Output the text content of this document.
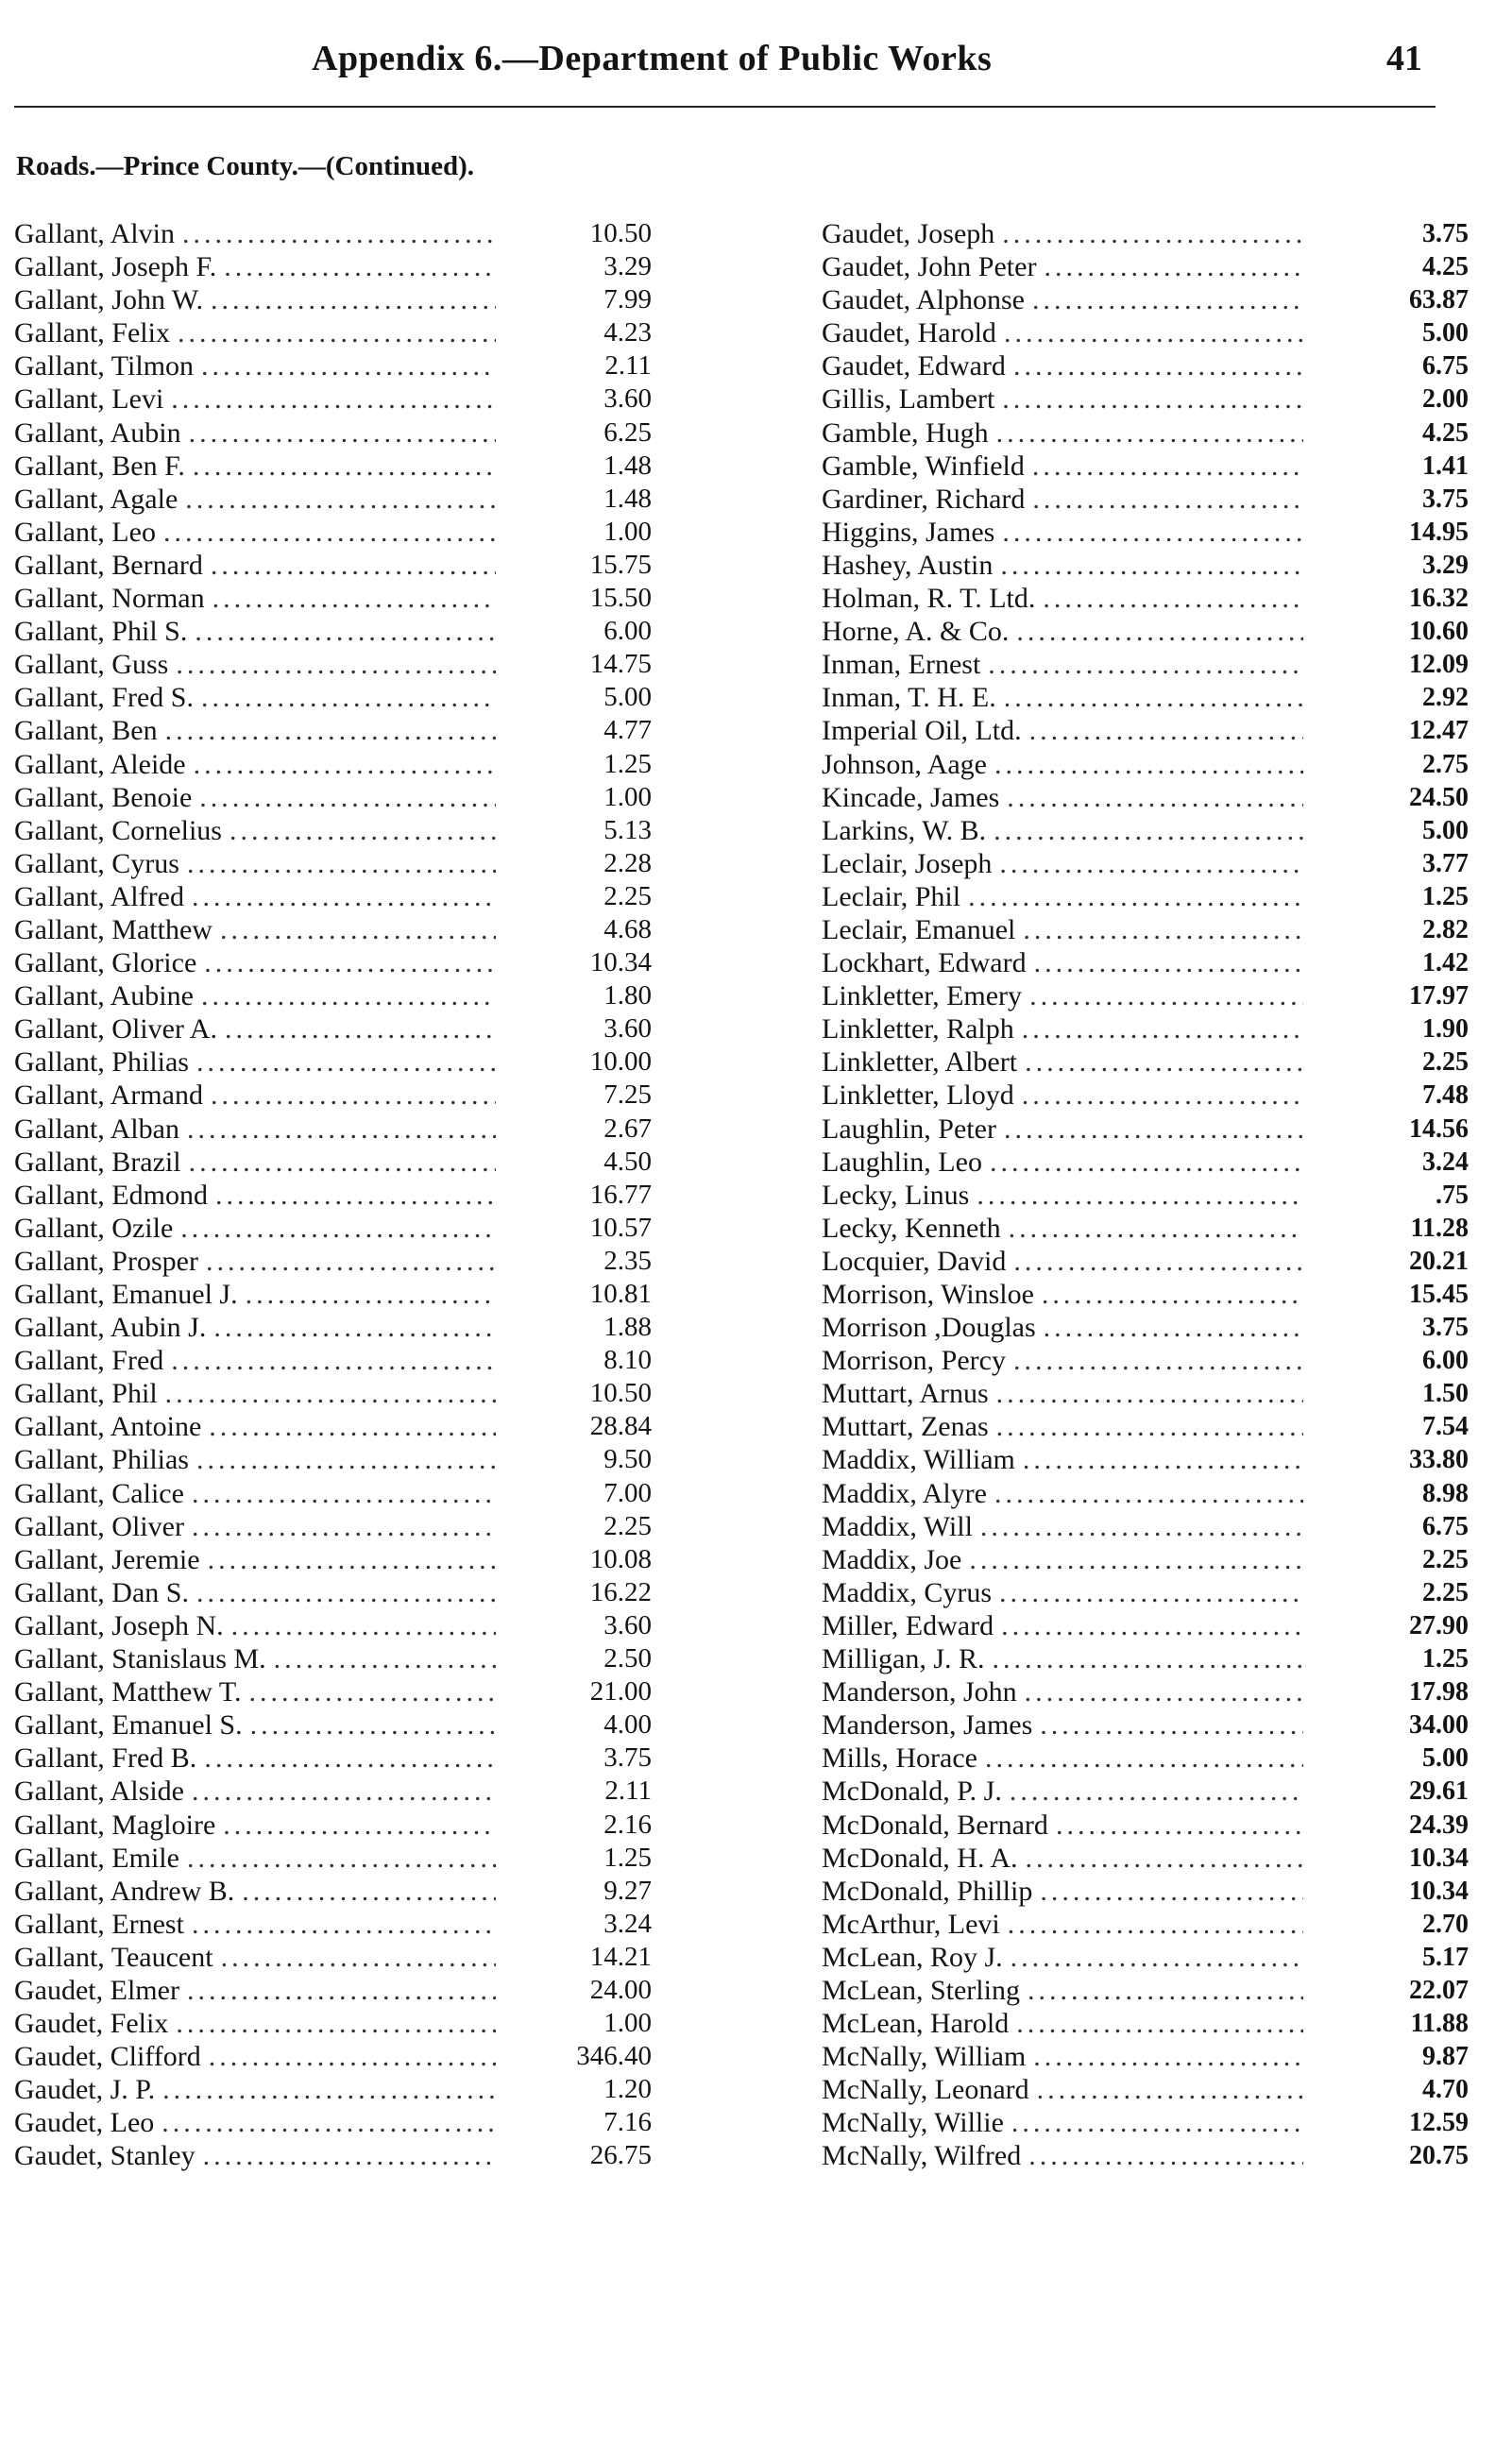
Appendix 6.—Department of Public Works	41
Roads.—Prince County.—(Continued).
Gallant, Alvin .....	10.50
Gallant, Joseph F. .....	3.29
Gallant, John W. .....	7.99
Gallant, Felix .....	4.23
Gallant, Tilmon .....	2.11
Gallant, Levi .....	3.60
Gallant, Aubin .....	6.25
Gallant, Ben F. .....	1.48
Gallant, Agale .....	1.48
Gallant, Leo .....	1.00
Gallant, Bernard .....	15.75
Gallant, Norman .....	15.50
Gallant, Phil S. .....	6.00
Gallant, Guss .....	14.75
Gallant, Fred S. .....	5.00
Gallant, Ben .....	4.77
Gallant, Aleide .....	1.25
Gallant, Benoie .....	1.00
Gallant, Cornelius .....	5.13
Gallant, Cyrus .....	2.28
Gallant, Alfred .....	2.25
Gallant, Matthew .....	4.68
Gallant, Glorice .....	10.34
Gallant, Aubine .....	1.80
Gallant, Oliver A. .....	3.60
Gallant, Philias .....	10.00
Gallant, Armand .....	7.25
Gallant, Alban .....	2.67
Gallant, Brazil .....	4.50
Gallant, Edmond .....	16.77
Gallant, Ozile .....	10.57
Gallant, Prosper .....	2.35
Gallant, Emanuel J. .....	10.81
Gallant, Aubin J. .....	1.88
Gallant, Fred .....	8.10
Gallant, Phil .....	10.50
Gallant, Antoine .....	28.84
Gallant, Philias .....	9.50
Gallant, Calice .....	7.00
Gallant, Oliver .....	2.25
Gallant, Jeremie .....	10.08
Gallant, Dan S. .....	16.22
Gallant, Joseph N. .....	3.60
Gallant, Stanislaus M. .....	2.50
Gallant, Matthew T. .....	21.00
Gallant, Emanuel S. .....	4.00
Gallant, Fred B. .....	3.75
Gallant, Alside .....	2.11
Gallant, Magloire .....	2.16
Gallant, Emile .....	1.25
Gallant, Andrew B. .....	9.27
Gallant, Ernest .....	3.24
Gallant, Teaucent .....	14.21
Gaudet, Elmer .....	24.00
Gaudet, Felix .....	1.00
Gaudet, Clifford .....	346.40
Gaudet, J. P. .....	1.20
Gaudet, Leo .....	7.16
Gaudet, Stanley .....	26.75
Gaudet, Joseph .....	3.75
Gaudet, John Peter .....	4.25
Gaudet, Alphonse .....	63.87
Gaudet, Harold .....	5.00
Gaudet, Edward .....	6.75
Gillis, Lambert .....	2.00
Gamble, Hugh .....	4.25
Gamble, Winfield .....	1.41
Gardiner, Richard .....	3.75
Higgins, James .....	14.95
Hashey, Austin .....	3.29
Holman, R. T. Ltd. .....	16.32
Horne, A. & Co. .....	10.60
Inman, Ernest .....	12.09
Inman, T. H. E. .....	2.92
Imperial Oil, Ltd. .....	12.47
Johnson, Aage .....	2.75
Kincade, James .....	24.50
Larkins, W. B. .....	5.00
Leclair, Joseph .....	3.77
Leclair, Phil .....	1.25
Leclair, Emanuel .....	2.82
Lockhart, Edward .....	1.42
Linkletter, Emery .....	17.97
Linkletter, Ralph .....	1.90
Linkletter, Albert .....	2.25
Linkletter, Lloyd .....	7.48
Laughlin, Peter .....	14.56
Laughlin, Leo .....	3.24
Lecky, Linus .....	.75
Lecky, Kenneth .....	11.28
Locquier, David .....	20.21
Morrison, Winsloe .....	15.45
Morrison ,Douglas .....	3.75
Morrison, Percy .....	6.00
Muttart, Arnus .....	1.50
Muttart, Zenas .....	7.54
Maddix, William .....	33.80
Maddix, Alyre .....	8.98
Maddix, Will .....	6.75
Maddix, Joe .....	2.25
Maddix, Cyrus .....	2.25
Miller, Edward .....	27.90
Milligan, J. R. .....	1.25
Manderson, John .....	17.98
Manderson, James .....	34.00
Mills, Horace .....	5.00
McDonald, P. J. .....	29.61
McDonald, Bernard .....	24.39
McDonald, H. A. .....	10.34
McDonald, Phillip .....	10.34
McArthur, Levi .....	2.70
McLean, Roy J. .....	5.17
McLean, Sterling .....	22.07
McLean, Harold .....	11.88
McNally, William .....	9.87
McNally, Leonard .....	4.70
McNally, Willie .....	12.59
McNally, Wilfred .....	20.75
